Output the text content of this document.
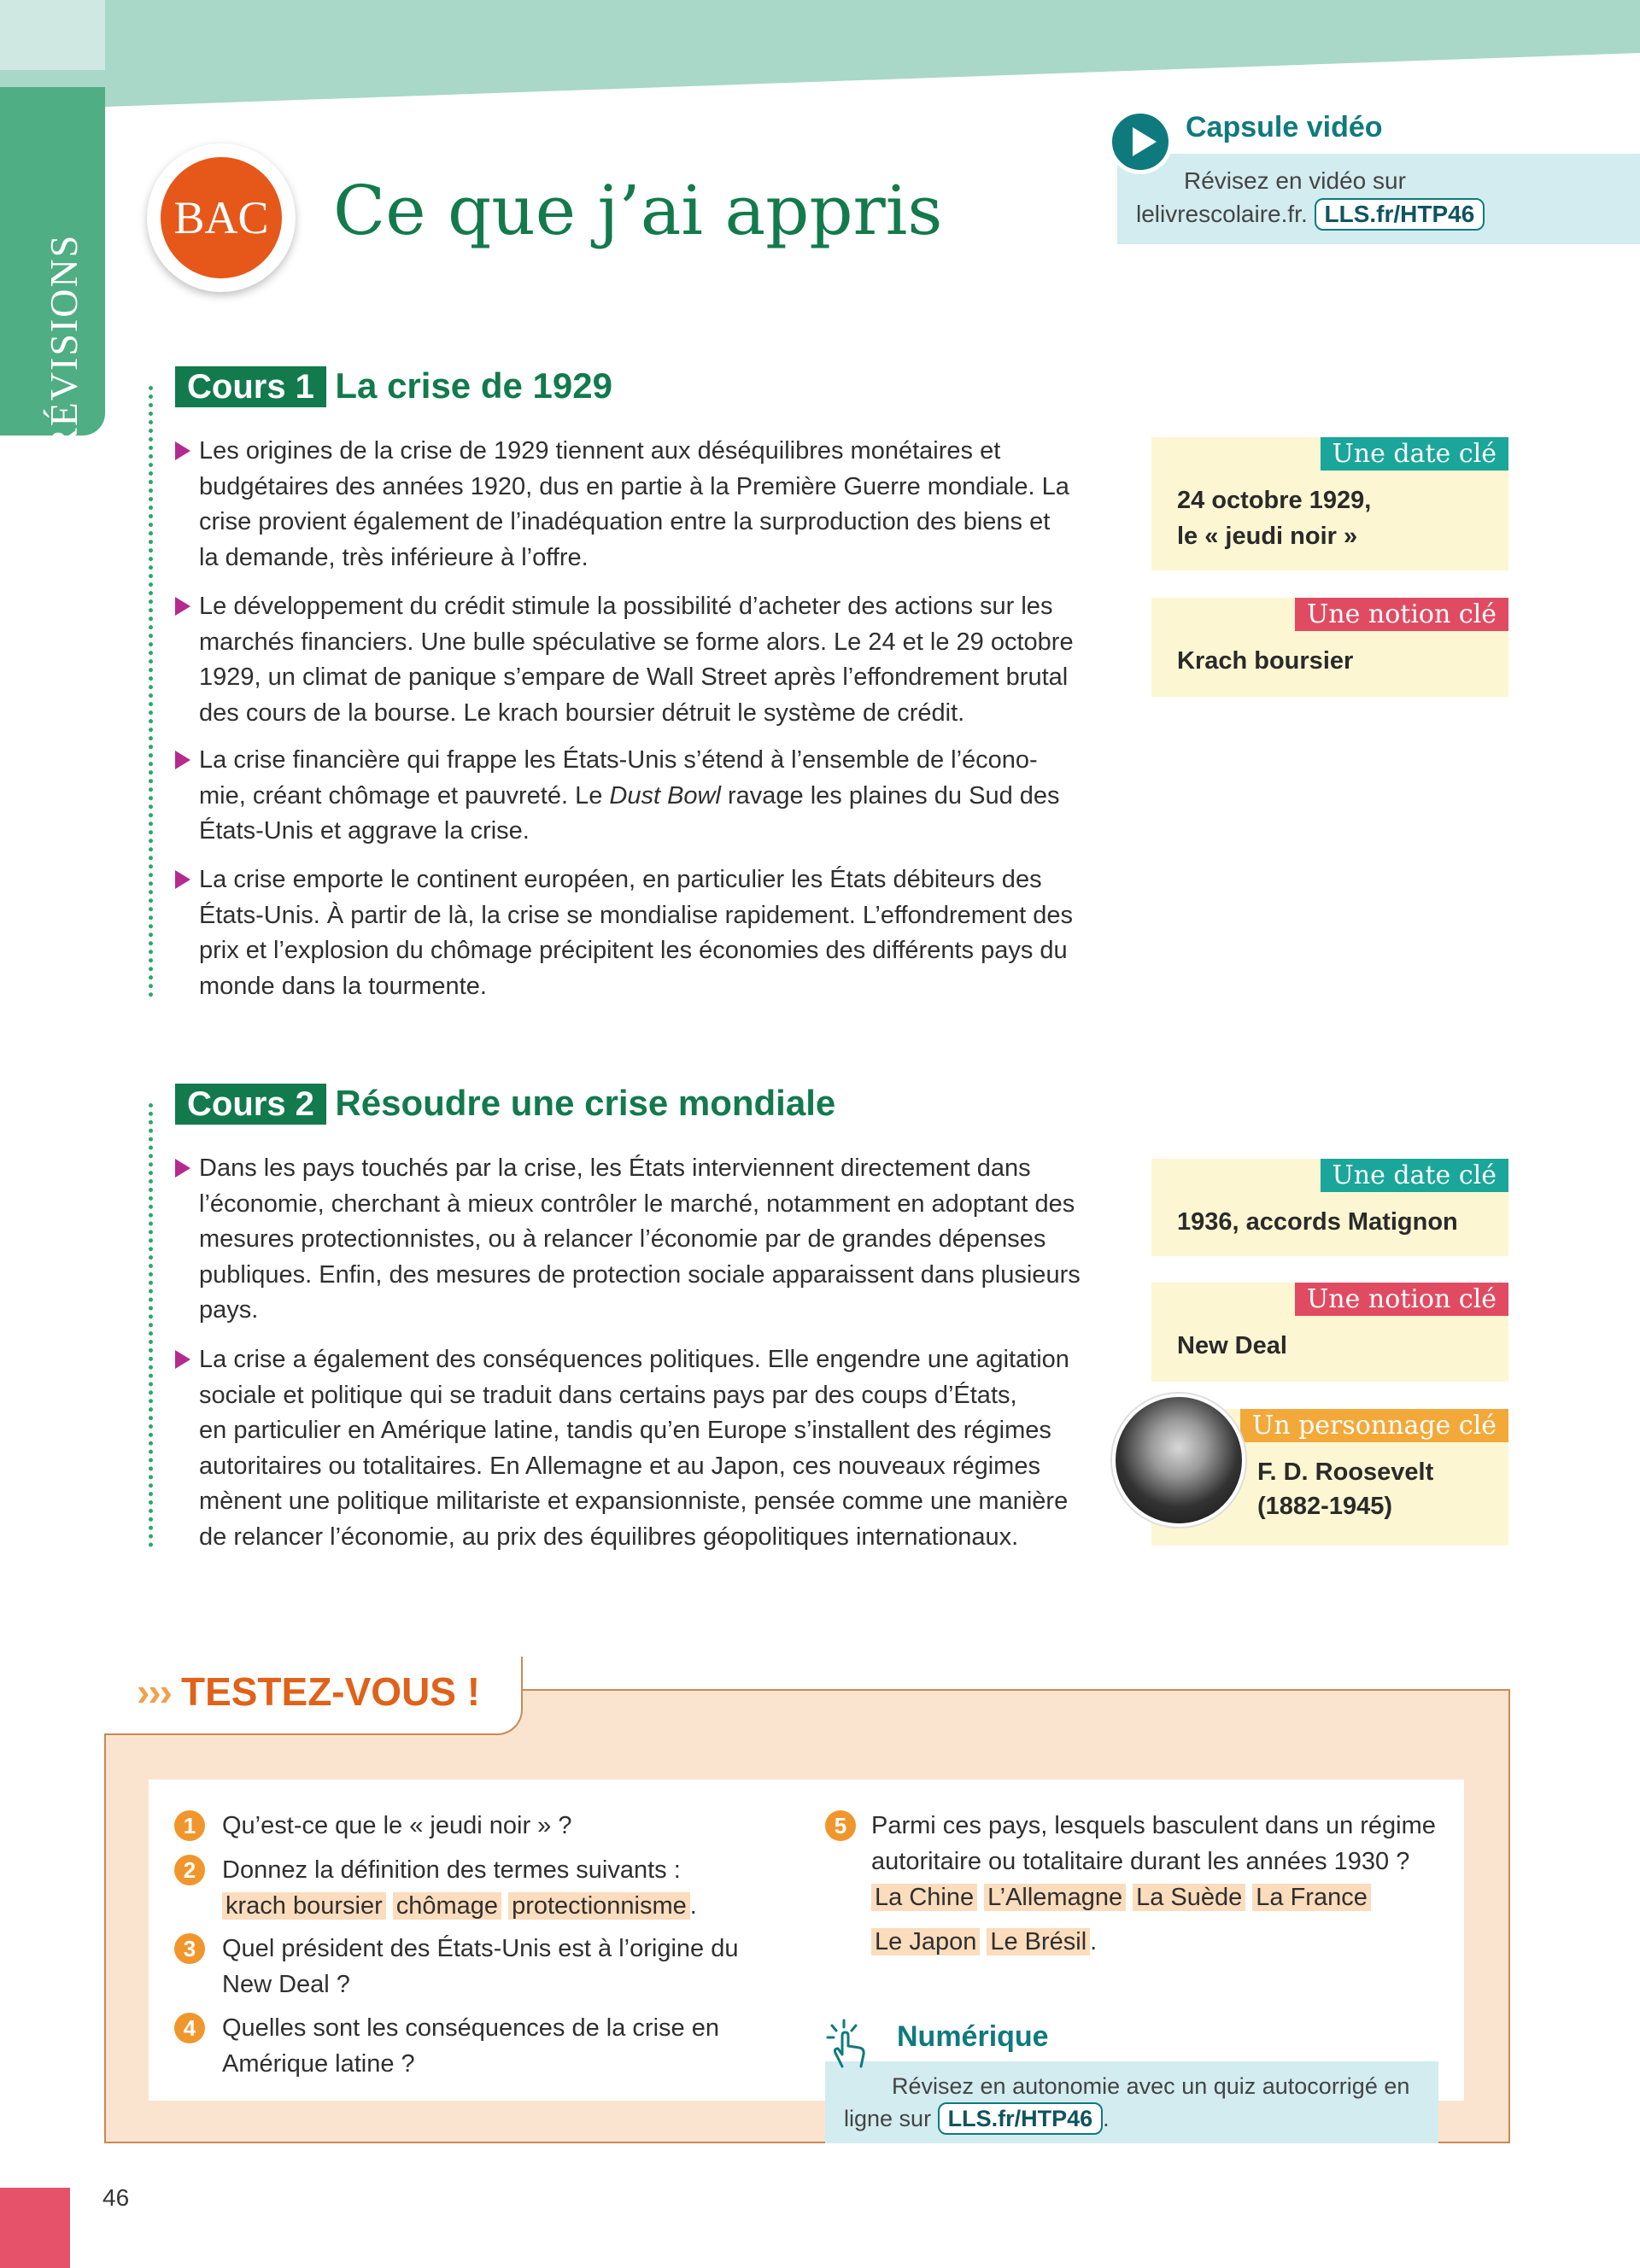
RÉVISIONS
BAC Ce que j’ai appris
Capsule vidéo
Révisez en vidéo sur
lelivrescolaire.fr. LLS.fr/HTP46
Cours 1 La crise de 1929
Les origines de la crise de 1929 tiennent aux déséquilibres monétaires et
budgétaires des années 1920, dus en partie à la Première Guerre mondiale. La
crise provient également de l’inadéquation entre la surproduction des biens et
la demande, très inférieure à l’offre.
Le développement du crédit stimule la possibilité d’acheter des actions sur les
marchés financiers. Une bulle spéculative se forme alors. Le 24 et le 29 octobre
1929, un climat de panique s’empare de Wall Street après l’effondrement brutal
des cours de la bourse. Le krach boursier détruit le système de crédit.
La crise financière qui frappe les États-Unis s’étend à l’ensemble de l’écono-
mie, créant chômage et pauvreté. Le Dust Bowl ravage les plaines du Sud des
États-Unis et aggrave la crise.
La crise emporte le continent européen, en particulier les États débiteurs des
États-Unis. À partir de là, la crise se mondialise rapidement. L’effondrement des
prix et l’explosion du chômage précipitent les économies des différents pays du
monde dans la tourmente.
Une date clé
24 octobre 1929,
le « jeudi noir »
Une notion clé
Krach boursier
Cours 2 Résoudre une crise mondiale
Dans les pays touchés par la crise, les États interviennent directement dans
l’économie, cherchant à mieux contrôler le marché, notamment en adoptant des
mesures protectionnistes, ou à relancer l’économie par de grandes dépenses
publiques. Enfin, des mesures de protection sociale apparaissent dans plusieurs
pays.
La crise a également des conséquences politiques. Elle engendre une agitation
sociale et politique qui se traduit dans certains pays par des coups d’États,
en particulier en Amérique latine, tandis qu’en Europe s’installent des régimes
autoritaires ou totalitaires. En Allemagne et au Japon, ces nouveaux régimes
mènent une politique militariste et expansionniste, pensée comme une manière
de relancer l’économie, au prix des équilibres géopolitiques internationaux.
Une date clé
1936, accords Matignon
Une notion clé
New Deal
Un personnage clé
F. D. Roosevelt
(1882-1945)
››› TESTEZ-VOUS !
1	Qu’est-ce que le « jeudi noir » ?
2	Donnez la définition des termes suivants :
krach boursier chômage protectionnisme .
3	Quel président des États-Unis est à l’origine du
New Deal ?
4	Quelles sont les conséquences de la crise en
Amérique latine ?
5 Parmi ces pays, lesquels basculent dans un régime
autoritaire ou totalitaire durant les années 1930 ?
La Chine L’Allemagne La Suède La France
Le Japon Le Brésil .
Numérique
Révisez en autonomie avec un quiz autocorrigé en
ligne sur LLS.fr/HTP46 .
46
